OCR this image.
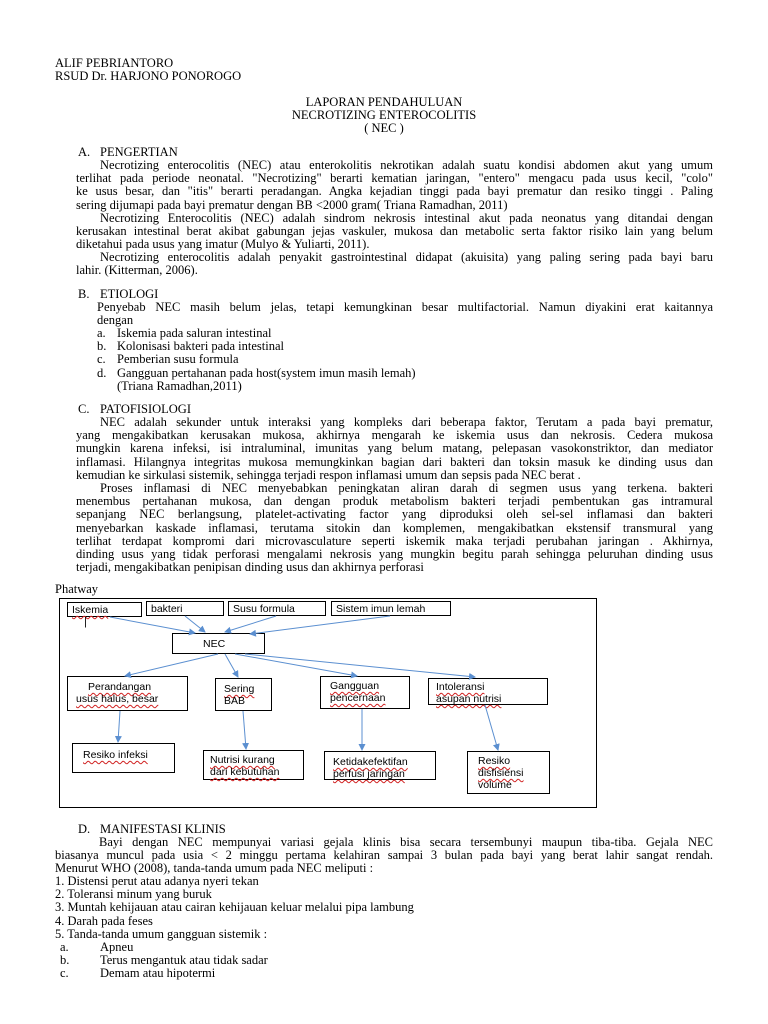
ALIF PEBRIANTORO
RSUD Dr. HARJONO PONOROGO
LAPORAN PENDAHULUAN
NECROTIZING ENTEROCOLITIS
( NEC )
A. PENGERTIAN
Necrotizing enterocolitis (NEC) atau enterokolitis nekrotikan adalah suatu kondisi abdomen akut yang umum
terlihat pada periode neonatal. "Necrotizing" berarti kematian jaringan, "entero" mengacu pada usus kecil, "colo"
ke usus besar, dan "itis" berarti peradangan. Angka kejadian tinggi pada bayi prematur dan resiko tinggi . Paling
sering dijumapi pada bayi prematur dengan BB <2000 gram( Triana Ramadhan, 2011)
Necrotizing Enterocolitis (NEC) adalah sindrom nekrosis intestinal akut pada neonatus yang ditandai dengan
kerusakan intestinal berat akibat gabungan jejas vaskuler, mukosa dan metabolic serta faktor risiko lain yang belum
diketahui pada usus yang imatur (Mulyo & Yuliarti, 2011).
Necrotizing enterocolitis adalah penyakit gastrointestinal didapat (akuisita) yang paling sering pada bayi baru
lahir. (Kitterman, 2006).
B. ETIOLOGI
Penyebab NEC masih belum jelas, tetapi kemungkinan besar multifactorial. Namun diyakini erat kaitannya
dengan
a. Iskemia pada saluran intestinal
b. Kolonisasi bakteri pada intestinal
c. Pemberian susu formula
d. Gangguan pertahanan pada host(system imun masih lemah)
(Triana Ramadhan,2011)
C. PATOFISIOLOGI
NEC adalah sekunder untuk interaksi yang kompleks dari beberapa faktor, Terutam a pada bayi prematur,
yang mengakibatkan kerusakan mukosa, akhirnya mengarah ke iskemia usus dan nekrosis. Cedera mukosa
mungkin karena infeksi, isi intraluminal, imunitas yang belum matang, pelepasan vasokonstriktor, dan mediator
inflamasi. Hilangnya integritas mukosa memungkinkan bagian dari bakteri dan toksin masuk ke dinding usus dan
kemudian ke sirkulasi sistemik, sehingga terjadi respon inflamasi umum dan sepsis pada NEC berat .
Proses inflamasi di NEC menyebabkan peningkatan aliran darah di segmen usus yang terkena. bakteri
menembus pertahanan mukosa, dan dengan produk metabolism bakteri terjadi pembentukan gas intramural
sepanjang NEC berlangsung, platelet-activating factor yang diproduksi oleh sel-sel inflamasi dan bakteri
menyebarkan kaskade inflamasi, terutama sitokin dan komplemen, mengakibatkan ekstensif transmural yang
terlihat terdapat kompromi dari microvasculature seperti iskemik maka terjadi perubahan jaringan . Akhirnya,
dinding usus yang tidak perforasi mengalami nekrosis yang mungkin begitu parah sehingga peluruhan dinding usus
terjadi, mengakibatkan penipisan dinding usus dan akhirnya perforasi
Phatway
Iskemia
|
bakteri	Susu formula	Sistem imun lemah
NEC
Perandangan
usus halus, besar
Sering
BAB
Gangguan
pencernaan
Intoleransi
asupan nutrisi
Resiko infeksi	Nutrisi kurang
dari kebutuhan
Ketidakefektifan
perfusi jaringan
Resiko
disfisiensi
volume
D. MANIFESTASI KLINIS
Bayi dengan NEC mempunyai variasi gejala klinis bisa secara tersembunyi maupun tiba-tiba. Gejala NEC
biasanya muncul pada usia < 2 minggu pertama kelahiran sampai 3 bulan pada bayi yang berat lahir sangat rendah.
Menurut WHO (2008), tanda-tanda umum pada NEC meliputi :
1. Distensi perut atau adanya nyeri tekan
2. Toleransi minum yang buruk
3. Muntah kehijauan atau cairan kehijauan keluar melalui pipa lambung
4. Darah pada feses
5. Tanda-tanda umum gangguan sistemik :
a.	Apneu
b. Terus mengantuk atau tidak sadar
c.	Demam atau hipotermi
